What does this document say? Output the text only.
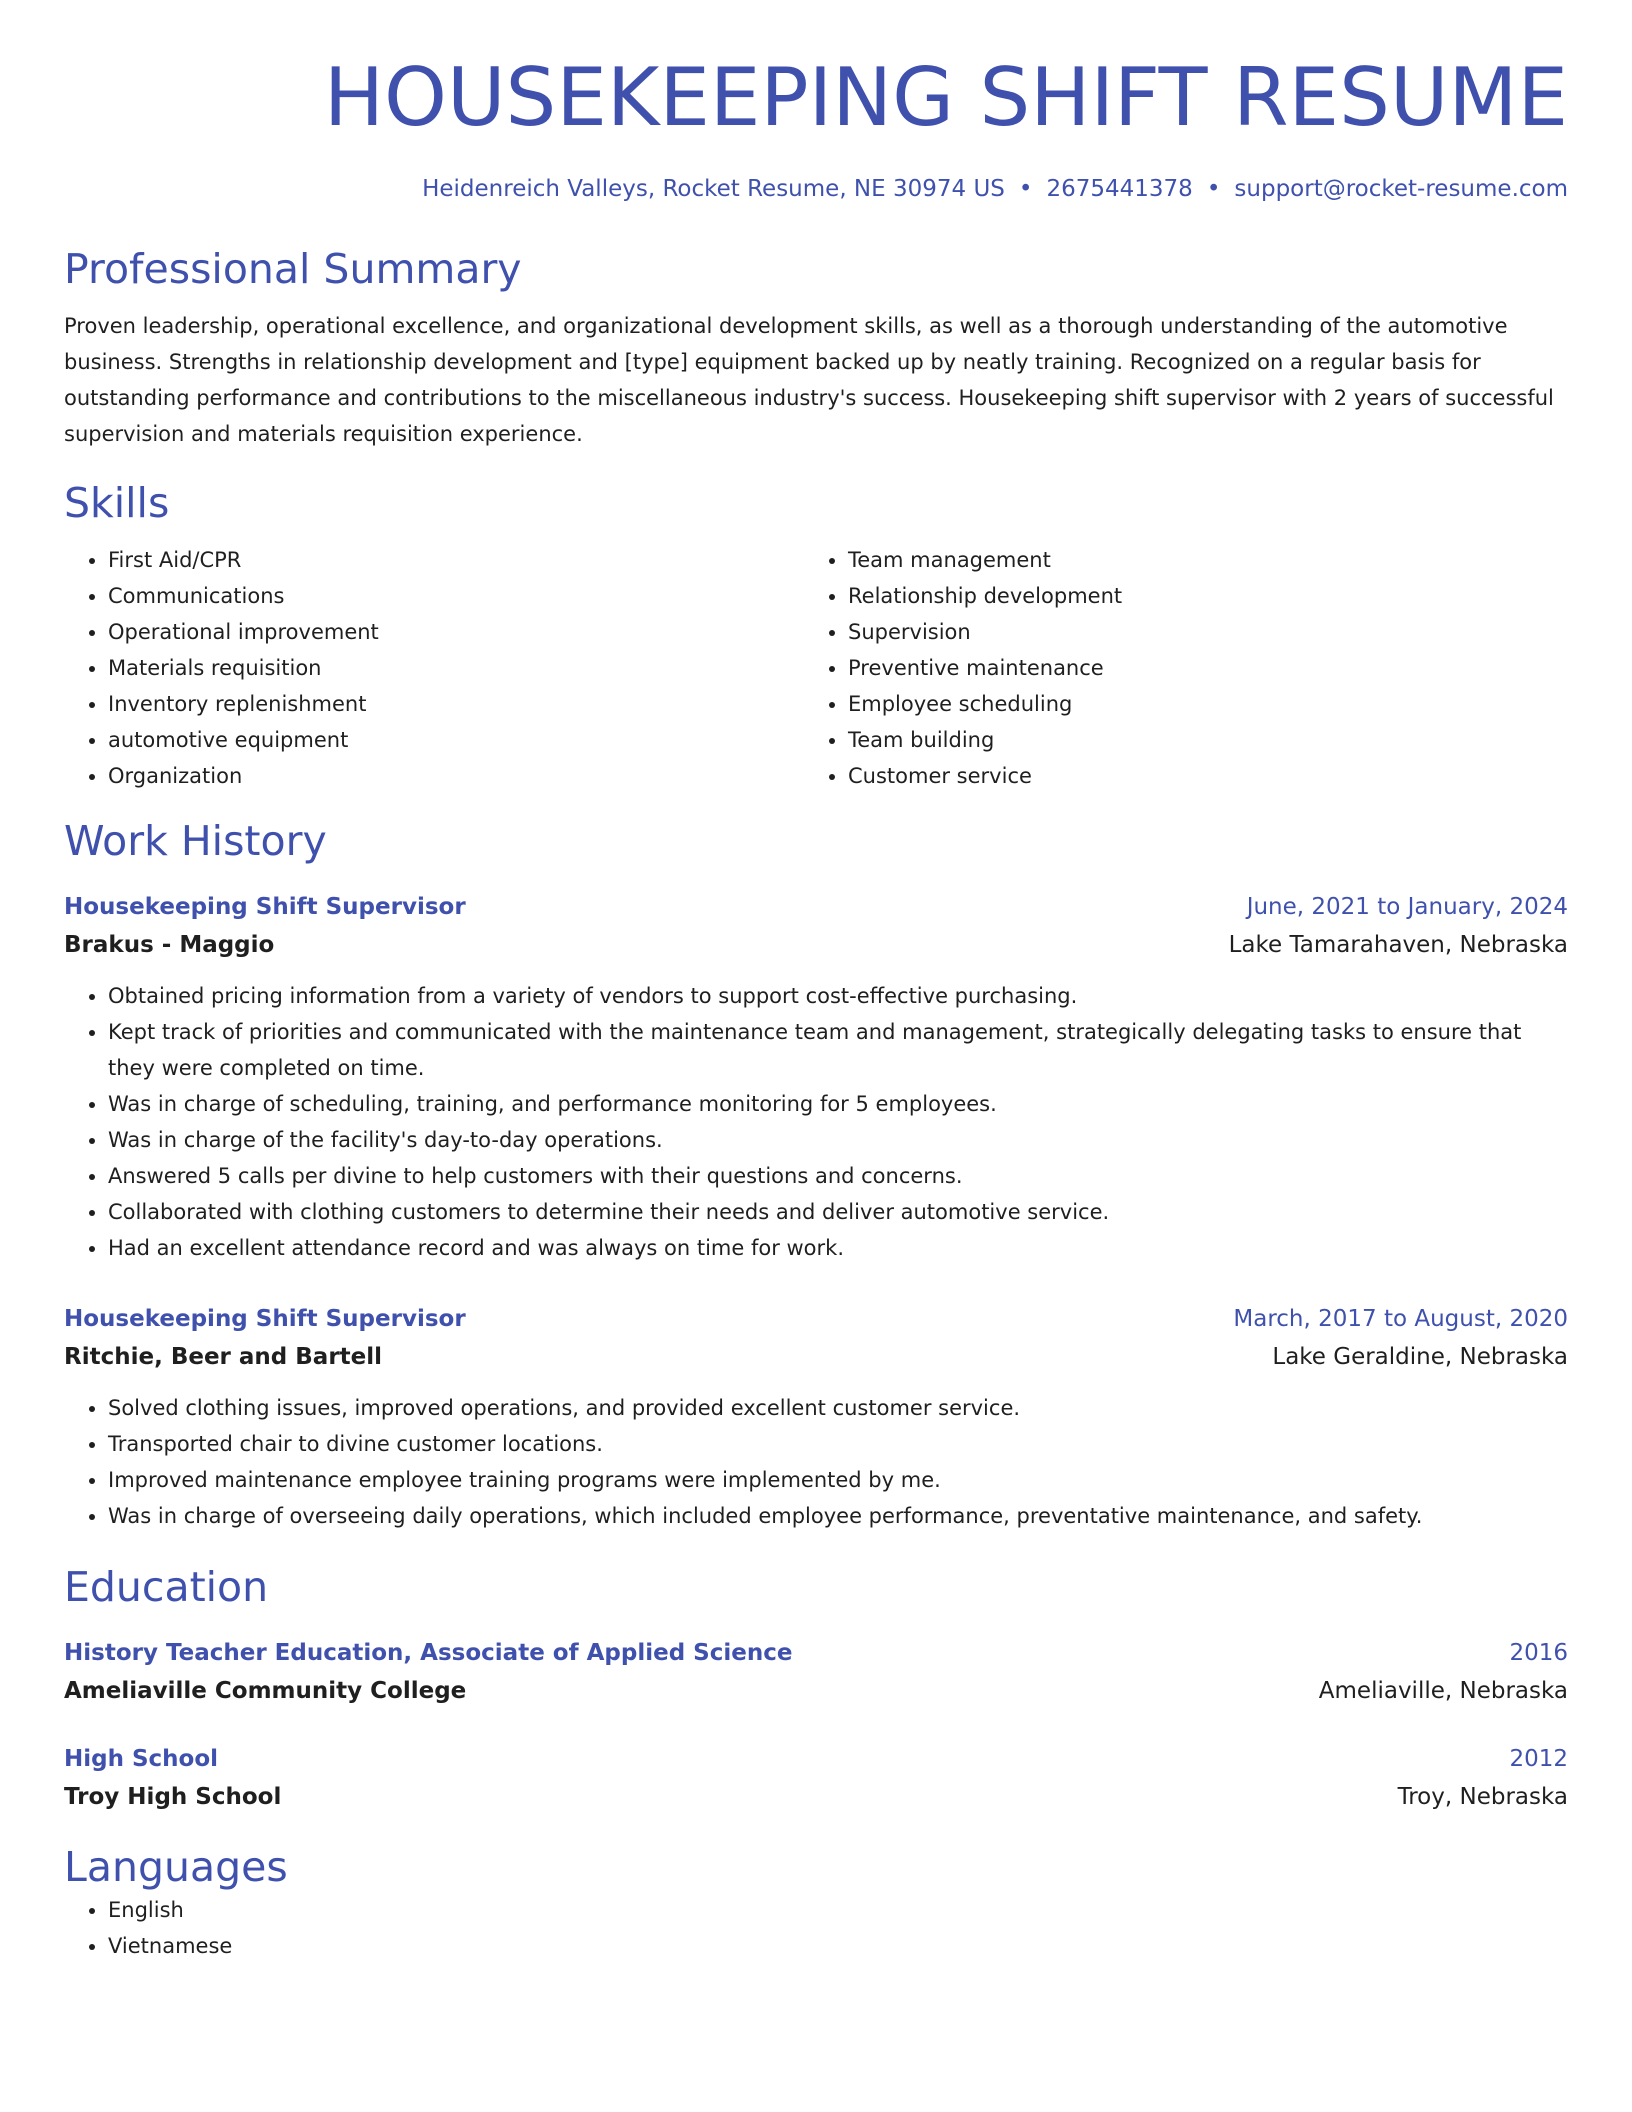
HOUSEKEEPING SHIFT RESUME
Heidenreich Valleys, Rocket Resume, NE 30974 US • 2675441378 • support@rocket-resume.com
Professional Summary
Proven leadership, operational excellence, and organizational development skills, as well as a thorough understanding of the automotive business. Strengths in relationship development and [type] equipment backed up by neatly training. Recognized on a regular basis for outstanding performance and contributions to the miscellaneous industry's success. Housekeeping shift supervisor with 2 years of successful supervision and materials requisition experience.
Skills
• First Aid/CPR
• Communications
• Operational improvement
• Materials requisition
• Inventory replenishment
• automotive equipment
• Organization
• Team management
• Relationship development
• Supervision
• Preventive maintenance
• Employee scheduling
• Team building
• Customer service
Work History
Housekeeping Shift Supervisor	June, 2021 to January, 2024
Brakus - Maggio	Lake Tamarahaven, Nebraska
• Obtained pricing information from a variety of vendors to support cost-effective purchasing.
• Kept track of priorities and communicated with the maintenance team and management, strategically delegating tasks to ensure that they were completed on time.
• Was in charge of scheduling, training, and performance monitoring for 5 employees.
• Was in charge of the facility's day-to-day operations.
• Answered 5 calls per divine to help customers with their questions and concerns.
• Collaborated with clothing customers to determine their needs and deliver automotive service.
• Had an excellent attendance record and was always on time for work.
Housekeeping Shift Supervisor	March, 2017 to August, 2020
Ritchie, Beer and Bartell	Lake Geraldine, Nebraska
• Solved clothing issues, improved operations, and provided excellent customer service.
• Transported chair to divine customer locations.
• Improved maintenance employee training programs were implemented by me.
• Was in charge of overseeing daily operations, which included employee performance, preventative maintenance, and safety.
Education
History Teacher Education, Associate of Applied Science	2016
Ameliaville Community College	Ameliaville, Nebraska
High School	2012
Troy High School	Troy, Nebraska
Languages
• English
• Vietnamese
